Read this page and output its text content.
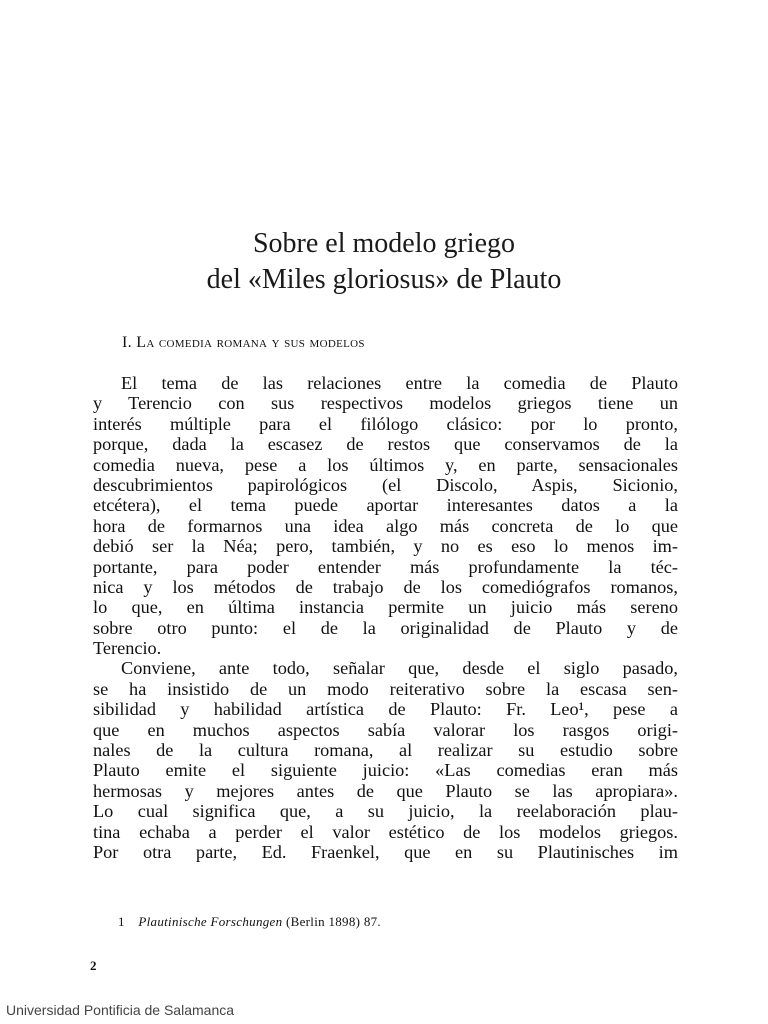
Sobre el modelo griego
del «Miles gloriosus» de Plauto
I. La comedia romana y sus modelos
El tema de las relaciones entre la comedia de Plauto
y Terencio con sus respectivos modelos griegos tiene un
interés múltiple para el filólogo clásico: por lo pronto,
porque, dada la escasez de restos que conservamos de la
comedia nueva, pese a los últimos y, en parte, sensacionales
descubrimientos papirológicos (el Discolo, Aspis, Sicionio,
etcétera), el tema puede aportar interesantes datos a la
hora de formarnos una idea algo más concreta de lo que
debió ser la Néa; pero, también, y no es eso lo menos im-
portante, para poder entender más profundamente la téc-
nica y los métodos de trabajo de los comediógrafos romanos,
lo que, en última instancia permite un juicio más sereno
sobre otro punto: el de la originalidad de Plauto y de
Terencio.
Conviene, ante todo, señalar que, desde el siglo pasado,
se ha insistido de un modo reiterativo sobre la escasa sen-
sibilidad y habilidad artística de Plauto: Fr. Leo¹, pese a
que en muchos aspectos sabía valorar los rasgos origi-
nales de la cultura romana, al realizar su estudio sobre
Plauto emite el siguiente juicio: «Las comedias eran más
hermosas y mejores antes de que Plauto se las apropiara».
Lo cual significa que, a su juicio, la reelaboración plau-
tina echaba a perder el valor estético de los modelos griegos.
Por otra parte, Ed. Fraenkel, que en su Plautinisches im
1 Plautinische Forschungen (Berlin 1898) 87.
2
Universidad Pontificia de Salamanca
